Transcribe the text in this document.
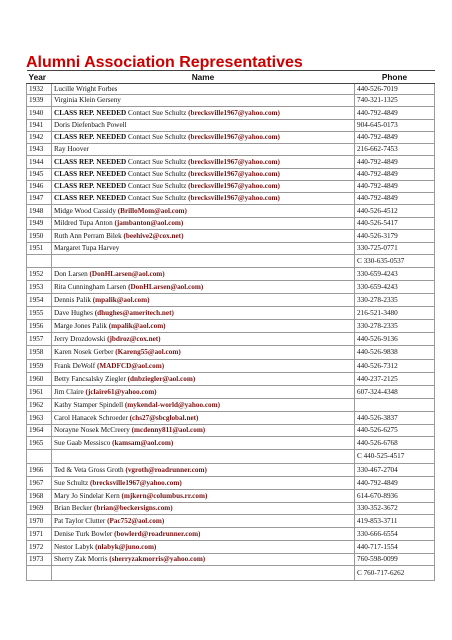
Alumni Association Representatives
Year	Name	Phone
1932	Lucille Wright Forbes	440-526-7019
1939	Virginia Klein Gerseny	740-321-1325
1940	CLASS REP. NEEDED Contact Sue Schultz (brecksville1967@yahoo.com)	440-792-4849
1941	Doris Diefenbach Powell	904-645-0173
1942	CLASS REP. NEEDED Contact Sue Schultz (brecksville1967@yahoo.com)	440-792-4849
1943	Ray Hoover	216-662-7453
1944	CLASS REP. NEEDED Contact Sue Schultz (brecksville1967@yahoo.com)	440-792-4849
1945	CLASS REP. NEEDED Contact Sue Schultz (brecksville1967@yahoo.com)	440-792-4849
1946	CLASS REP. NEEDED Contact Sue Schultz (brecksville1967@yahoo.com)	440-792-4849
1947	CLASS REP. NEEDED Contact Sue Schultz (brecksville1967@yahoo.com)	440-792-4849
1948	Midge Wood Cassidy (BrilloMom@aol.com)	440-526-4512
1949	Mildred Tupa Anton (jambanton@aol.com)	440-526-5417
1950	Ruth Ann Perram Bilek (beehive2@cox.net)	440-526-3179
1951	Margaret Tupa Harvey	330-725-0771
		C 330-635-0537
1952	Don Larsen (DonHLarsen@aol.com)	330-659-4243
1953	Rita Cunningham Larsen (DonHLarsen@aol.com)	330-659-4243
1954	Dennis Palik (mpalik@aol.com)	330-278-2335
1955	Dave Hughes (dhughes@ameritech.net)	216-521-3480
1956	Marge Jones Palik (mpalik@aol.com)	330-278-2335
1957	Jerry Drozdowski (jbdroz@cox.net)	440-526-9136
1958	Karen Nosek Gerber (Kareng55@aol.com)	440-526-9838
1959	Frank DeWolf (MADFCD@aol.com)	440-526-7312
1960	Betty Fancsalsky Ziegler (dnbziegler@aol.com)	440-237-2125
1961	Jim Claire (jclaire61@yahoo.com)	607-324-4348
1962	Kathy Stamper Spindell (mykendal-world@yahoo.com)	
1963	Carol Hanacek Schroeder (chs27@sbcglobal.net)	440-526-3837
1964	Norayne Nosek McCreery (mcdenny811@aol.com)	440-526-6275
1965	Sue Gaab Messisco (kamsam@aol.com)	440-526-6768
		C 440-525-4517
1966	Ted & Veta Gross Groth (vgroth@roadrunner.com)	330-467-2704
1967	Sue Schultz (brecksville1967@yahoo.com)	440-792-4849
1968	Mary Jo Sindelar Kern (mjkern@columbus.rr.com)	614-670-8936
1969	Brian Becker (brian@beckersigns.com)	330-352-3672
1970	Pat Taylor Clutter (Pac752@aol.com)	419-853-3711
1971	Denise Turk Bowler (bowlerd@roadrunner.com)	330-666-6554
1972	Nestor Labyk (nlabyk@juno.com)	440-717-1554
1973	Sherry Zak Morris (sherryzakmorris@yahoo.com)	760-598-0099
		C 760-717-6262
